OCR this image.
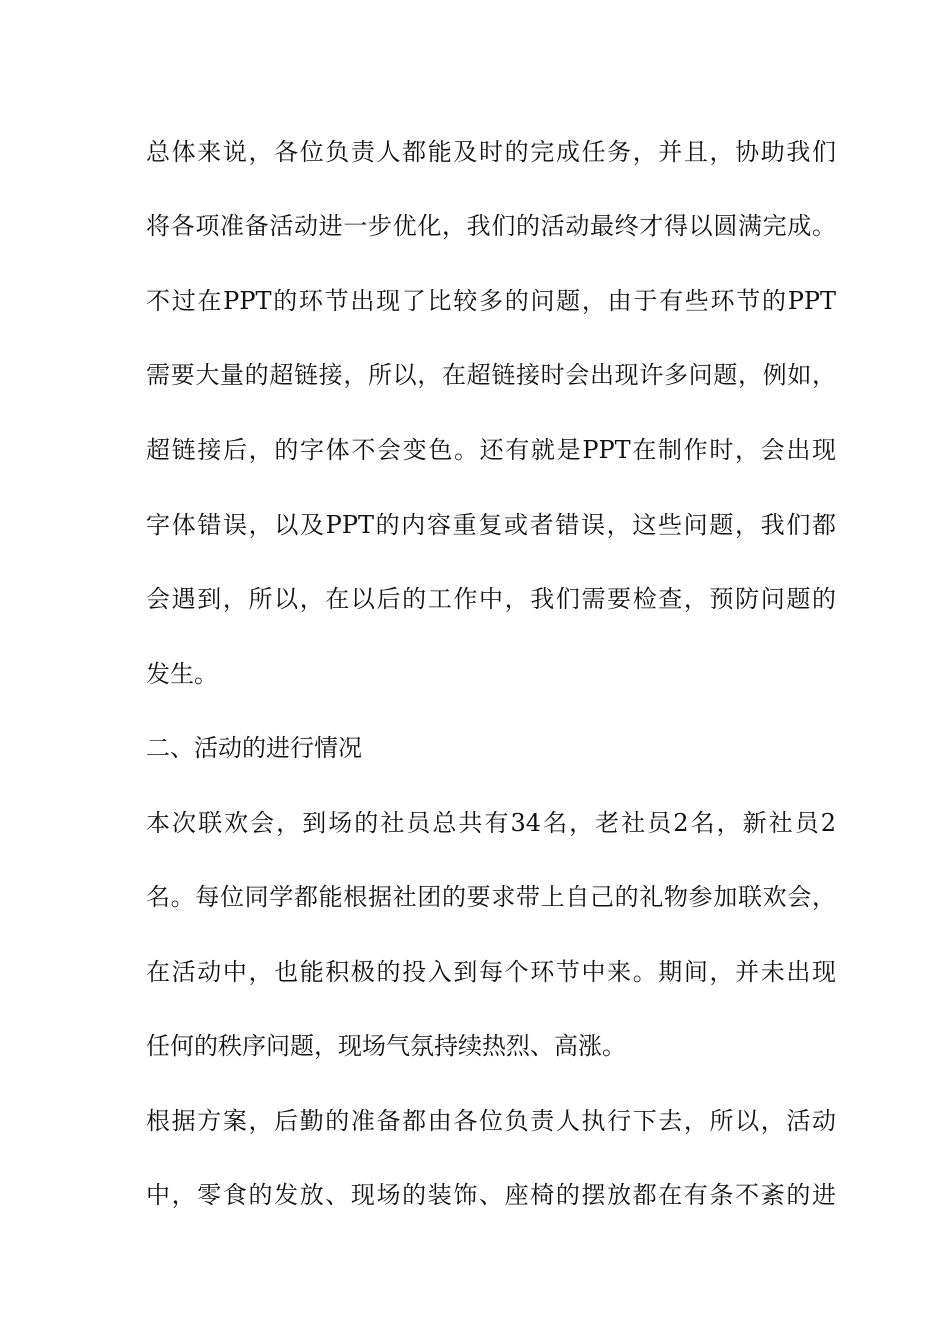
总体来说，各位负责人都能及时的完成任务，并且，协助我们
将各项准备活动进一步优化，我们的活动最终才得以圆满完成。
不过在PPT的环节出现了比较多的问题，由于有些环节的PPT
需要大量的超链接，所以，在超链接时会出现许多问题，例如，
超链接后，的字体不会变色。还有就是PPT在制作时，会出现
字体错误，以及PPT的内容重复或者错误，这些问题，我们都
会遇到，所以，在以后的工作中，我们需要检查，预防问题的
发生。
二、活动的进行情况
本次联欢会，到场的社员总共有34名，老社员2名，新社员2
名。每位同学都能根据社团的要求带上自己的礼物参加联欢会，
在活动中，也能积极的投入到每个环节中来。期间，并未出现
任何的秩序问题，现场气氛持续热烈、高涨。
根据方案，后勤的准备都由各位负责人执行下去，所以，活动
中，零食的发放、现场的装饰、座椅的摆放都在有条不紊的进
